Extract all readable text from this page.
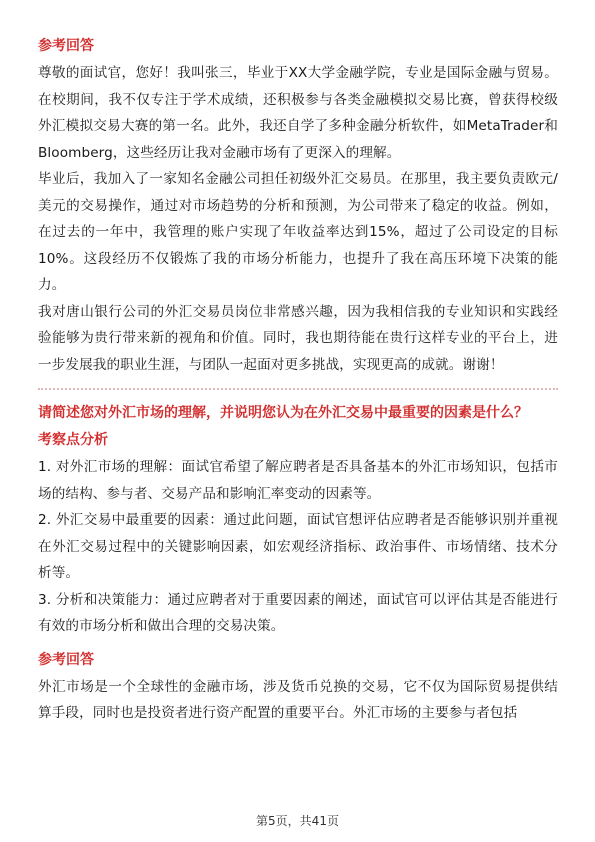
参考回答

尊敬的面试官，您好！我叫张三，毕业于XX大学金融学院，专业是国际金融与贸易。在校期间，我不仅专注于学术成绩，还积极参与各类金融模拟交易比赛，曾获得校级外汇模拟交易大赛的第一名。此外，我还自学了多种金融分析软件，如MetaTrader和Bloomberg，这些经历让我对金融市场有了更深入的理解。

毕业后，我加入了一家知名金融公司担任初级外汇交易员。在那里，我主要负责欧元/美元的交易操作，通过对市场趋势的分析和预测，为公司带来了稳定的收益。例如，在过去的一年中，我管理的账户实现了年收益率达到15%，超过了公司设定的目标10%。这段经历不仅锻炼了我的市场分析能力，也提升了我在高压环境下决策的能力。

我对唐山银行公司的外汇交易员岗位非常感兴趣，因为我相信我的专业知识和实践经验能够为贵行带来新的视角和价值。同时，我也期待能在贵行这样专业的平台上，进一步发展我的职业生涯，与团队一起面对更多挑战，实现更高的成就。谢谢！

请简述您对外汇市场的理解，并说明您认为在外汇交易中最重要的因素是什么？
考察点分析

1. 对外汇市场的理解：面试官希望了解应聘者是否具备基本的外汇市场知识，包括市场的结构、参与者、交易产品和影响汇率变动的因素等。

2. 外汇交易中最重要的因素：通过此问题，面试官想评估应聘者是否能够识别并重视在外汇交易过程中的关键影响因素，如宏观经济指标、政治事件、市场情绪、技术分析等。

3. 分析和决策能力：通过应聘者对于重要因素的阐述，面试官可以评估其是否能进行有效的市场分析和做出合理的交易决策。

参考回答

外汇市场是一个全球性的金融市场，涉及货币兑换的交易，它不仅为国际贸易提供结算手段，同时也是投资者进行资产配置的重要平台。外汇市场的主要参与者包括

第5页，共41页
